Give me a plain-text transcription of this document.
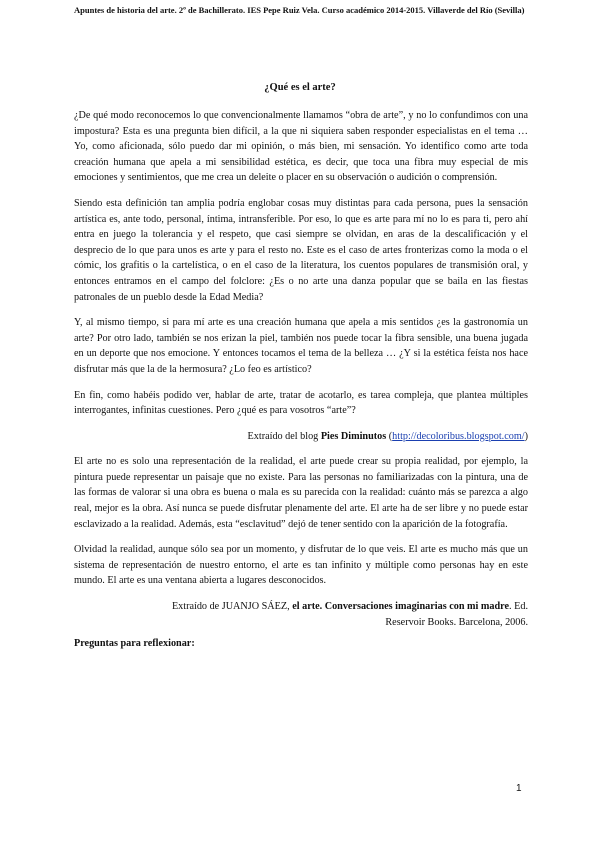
Apuntes de historia del arte. 2º de Bachillerato. IES Pepe Ruiz Vela. Curso académico 2014-2015. Villaverde del Río (Sevilla)
¿Qué es el arte?

¿De qué modo reconocemos lo que convencionalmente llamamos “obra de arte”, y no lo confundimos con una impostura? Esta es una pregunta bien difícil, a la que ni siquiera saben responder especialistas en el tema … Yo, como aficionada, sólo puedo dar mi opinión, o más bien, mi sensación. Yo identifico como arte toda creación humana que apela a mi sensibilidad estética, es decir, que toca una fibra muy especial de mis emociones y sentimientos, que me crea un deleite o placer en su observación o audición o comprensión.

Siendo esta definición tan amplia podría englobar cosas muy distintas para cada persona, pues la sensación artística es, ante todo, personal, íntima, intransferible. Por eso, lo que es arte para mí no lo es para ti, pero ahí entra en juego la tolerancia y el respeto, que casi siempre se olvidan, en aras de la descalificación y el desprecio de lo que para unos es arte y para el resto no. Este es el caso de artes fronterizas como la moda o el cómic, los grafitis o la cartelística, o en el caso de la literatura, los cuentos populares de transmisión oral, y entonces entramos en el campo del folclore: ¿Es o no arte una danza popular que se baila en las fiestas patronales de un pueblo desde la Edad Media?

Y, al mismo tiempo, si para mí arte es una creación humana que apela a mis sentidos ¿es la gastronomía un arte? Por otro lado, también se nos erizan la piel, también nos puede tocar la fibra sensible, una buena jugada en un deporte que nos emocione. Y entonces tocamos el tema de la belleza … ¿Y si la estética feísta nos hace disfrutar más que la de la hermosura? ¿Lo feo es artístico?

En fin, como habéis podido ver, hablar de arte, tratar de acotarlo, es tarea compleja, que plantea múltiples interrogantes, infinitas cuestiones. Pero ¿qué es para vosotros “arte”?

Extraído del blog Pies Diminutos (http://decoloribus.blogspot.com/)

El arte no es solo una representación de la realidad, el arte puede crear su propia realidad, por ejemplo, la pintura puede representar un paisaje que no existe. Para las personas no familiarizadas con la pintura, una de las formas de valorar si una obra es buena o mala es su parecida con la realidad: cuánto más se parezca a algo real, mejor es la obra. Así nunca se puede disfrutar plenamente del arte. El arte ha de ser libre y no puede estar esclavizado a la realidad. Además, esta “esclavitud” dejó de tener sentido con la aparición de la fotografía.

Olvidad la realidad, aunque sólo sea por un momento, y disfrutar de lo que veis. El arte es mucho más que un sistema de representación de nuestro entorno, el arte es tan infinito y múltiple como personas hay en este mundo. El arte es una ventana abierta a lugares desconocidos.

Extraído de JUANJO SÁEZ, el arte. Conversaciones imaginarias con mi madre. Ed.
Reservoir Books. Barcelona, 2006.

Preguntas para reflexionar:

1
